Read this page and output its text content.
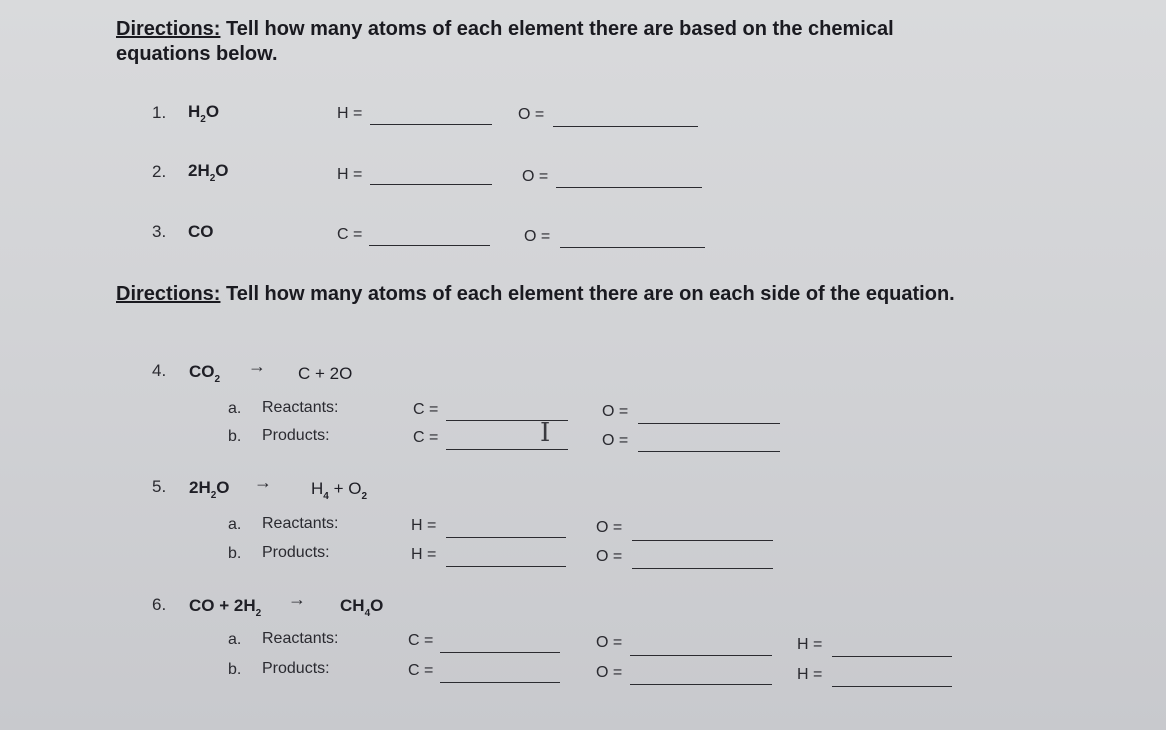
Directions: Tell how many atoms of each element there are based on the chemical
equations below.
1. $H_2O$	H =	O =
2. $2H_2O$	H =	O =
3. CO	C =	O =
Directions: Tell how many atoms of each element there are on each side of the equation.
4. $CO_2$
→ C + 2O
a. Reactants:	C =	O =
b. Products:	C =	O =
I
5. $2H_2O \to H_4 + O_2$
a. Reactants:	H =	O =
b. Products:	H =	O =
6. CO + $2H_2$
→ $CH_4O$
a. Reactants:	C =	O =	H =
b. Products:	C =	O =	H =
